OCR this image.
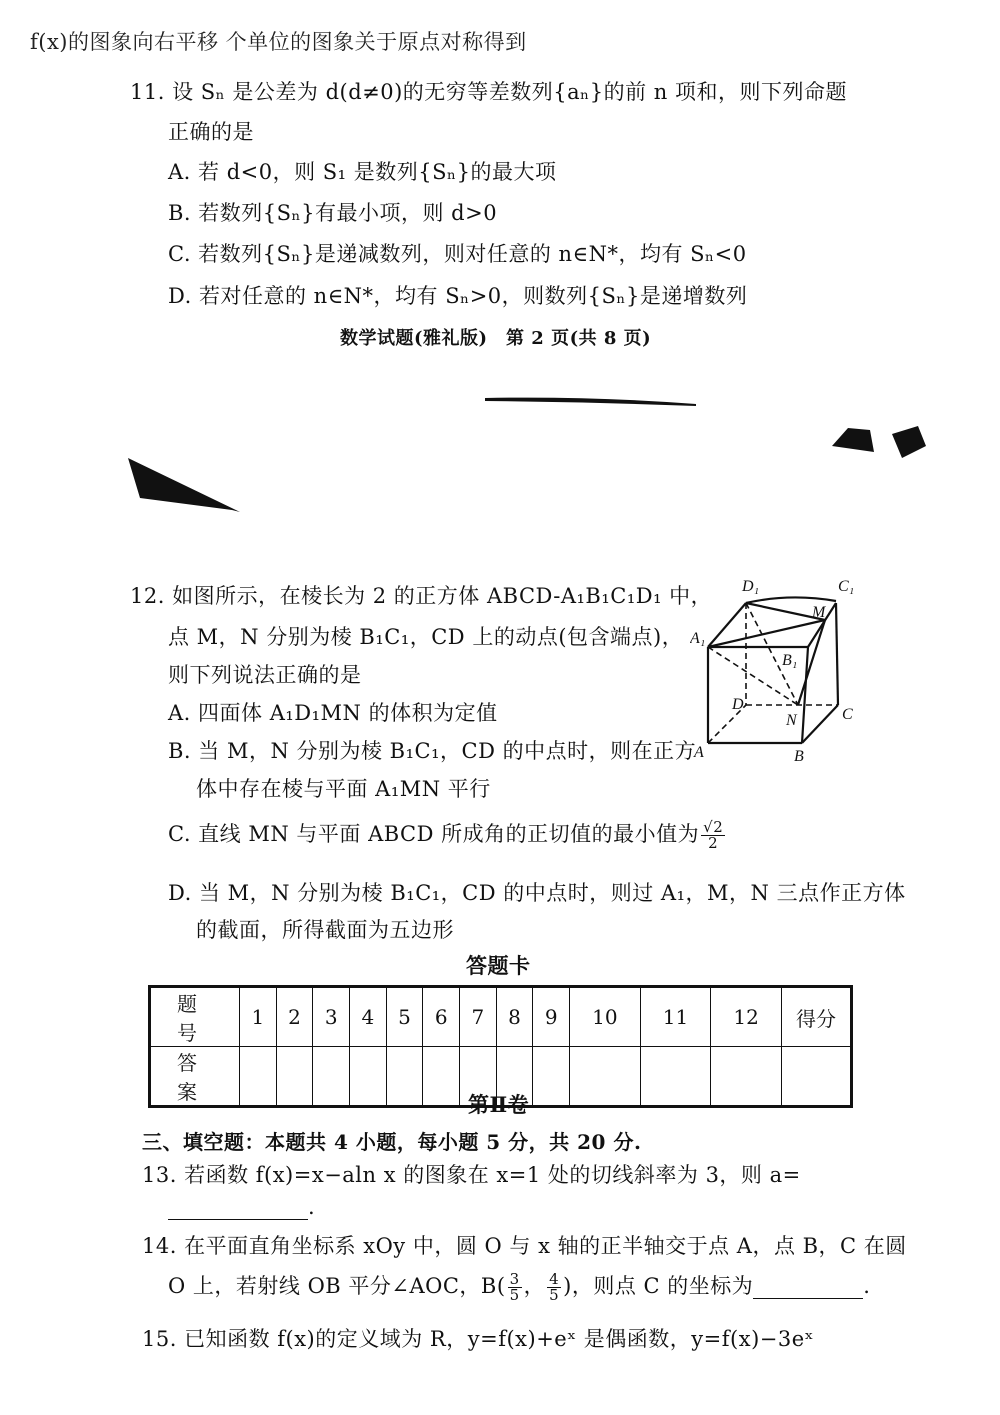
f(x)的图象向右平移 个单位的图象关于原点对称得到
11. 设 Sₙ 是公差为 d(d≠0)的无穷等差数列{aₙ}的前 n 项和，则下列命题
正确的是
A. 若 d<0，则 S₁ 是数列{Sₙ}的最大项
B. 若数列{Sₙ}有最小项，则 d>0
C. 若数列{Sₙ}是递减数列，则对任意的 n∈N*，均有 Sₙ<0
D. 若对任意的 n∈N*，均有 Sₙ>0，则数列{Sₙ}是递增数列
数学试题(雅礼版)　第 2 页(共 8 页)
12. 如图所示，在棱长为 2 的正方体 ABCD-A₁B₁C₁D₁ 中，
点 M，N 分别为棱 B₁C₁，CD 上的动点(包含端点)，
则下列说法正确的是
A. 四面体 A₁D₁MN 的体积为定值
B. 当 M，N 分别为棱 B₁C₁，CD 的中点时，则在正方
体中存在棱与平面 A₁MN 平行
C. 直线 MN 与平面 ABCD 所成角的正切值的最小值为 $\frac{√2}{2}$
D. 当 M，N 分别为棱 B₁C₁，CD 的中点时，则过 A₁，M，N 三点作正方体
的截面，所得截面为五边形
D₁	C₁
M
A₁
B₁
D
N	C
A	B
答题卡
题 号	1	2	3	4	5	6	7	8	9	10	11	12	得分
答 案														第Ⅱ卷
三、填空题：本题共 4 小题，每小题 5 分，共 20 分.
13. 若函数 f(x)=x−aln x 的图象在 x=1 处的切线斜率为 3，则 a=
.
14. 在平面直角坐标系 xOy 中，圆 O 与 x 轴的正半轴交于点 A，点 B，C 在圆
O 上，若射线 OB 平分∠AOC，$B( \frac{3}{5}$ ， $\frac{4}{5}$ )，则点 C 的坐标为	.
15. 已知函数 f(x)的定义域为 R，y=f(x)+eˣ 是偶函数，y=f(x)−3eˣ
